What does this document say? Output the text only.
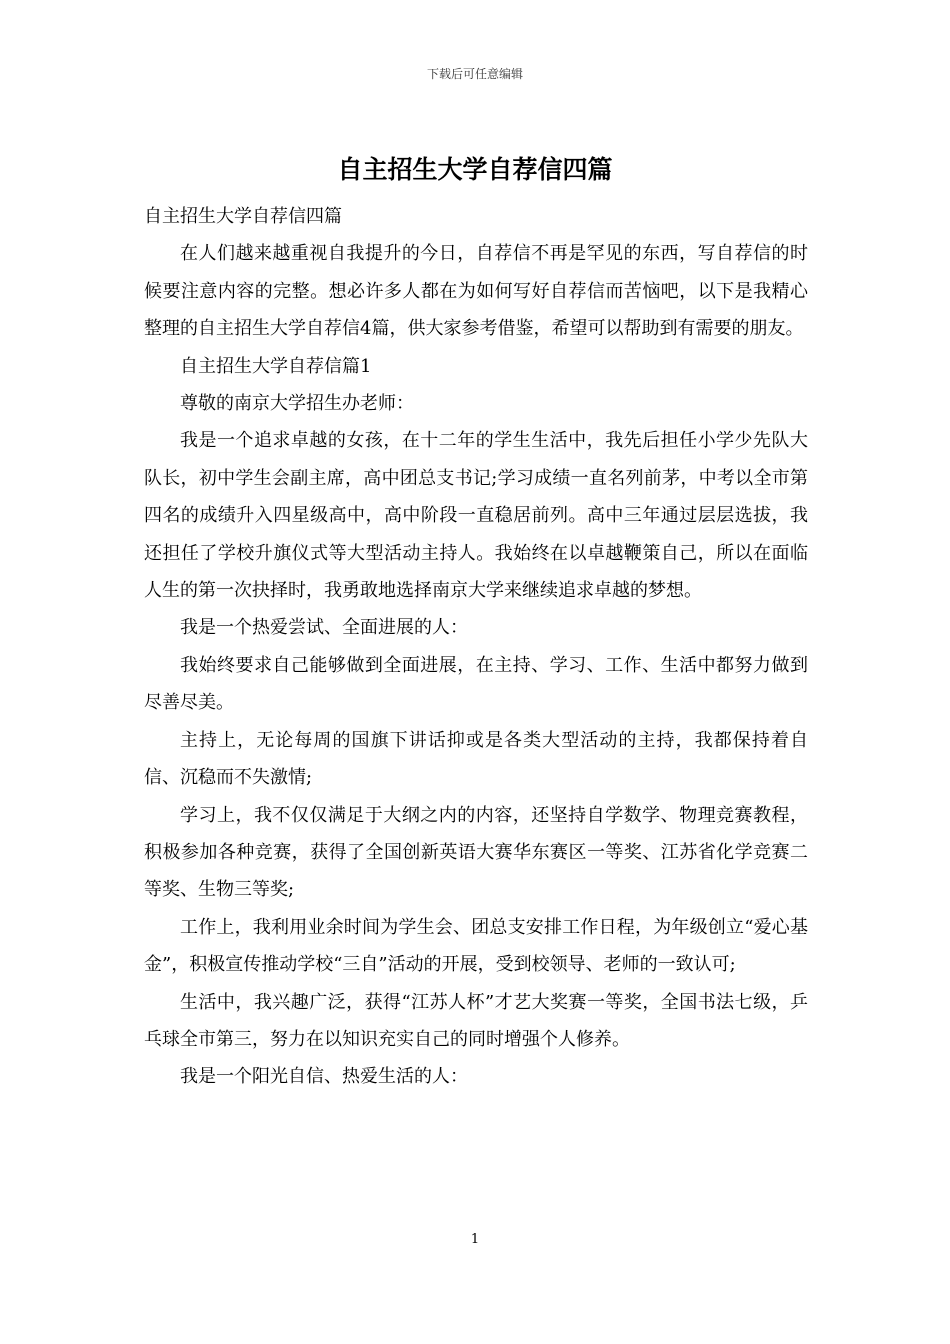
下载后可任意编辑
自主招生大学自荐信四篇

自主招生大学自荐信四篇

在人们越来越重视自我提升的今日，自荐信不再是罕见的东西，写自荐信的时候要注意内容的完整。想必许多人都在为如何写好自荐信而苦恼吧，以下是我精心整理的自主招生大学自荐信4篇，供大家参考借鉴，希望可以帮助到有需要的朋友。

自主招生大学自荐信篇1

尊敬的南京大学招生办老师：

我是一个追求卓越的女孩，在十二年的学生生活中，我先后担任小学少先队大队长，初中学生会副主席，高中团总支书记;学习成绩一直名列前茅，中考以全市第四名的成绩升入四星级高中，高中阶段一直稳居前列。高中三年通过层层选拔，我还担任了学校升旗仪式等大型活动主持人。我始终在以卓越鞭策自己，所以在面临人生的第一次抉择时，我勇敢地选择南京大学来继续追求卓越的梦想。

我是一个热爱尝试、全面进展的人：

我始终要求自己能够做到全面进展，在主持、学习、工作、生活中都努力做到尽善尽美。

主持上，无论每周的国旗下讲话抑或是各类大型活动的主持，我都保持着自信、沉稳而不失激情;

学习上，我不仅仅满足于大纲之内的内容，还坚持自学数学、物理竞赛教程，积极参加各种竞赛，获得了全国创新英语大赛华东赛区一等奖、江苏省化学竞赛二等奖、生物三等奖;

工作上，我利用业余时间为学生会、团总支安排工作日程，为年级创立“爱心基金”，积极宣传推动学校“三自”活动的开展，受到校领导、老师的一致认可;

生活中，我兴趣广泛，获得“江苏人杯”才艺大奖赛一等奖，全国书法七级，乒乓球全市第三，努力在以知识充实自己的同时增强个人修养。

我是一个阳光自信、热爱生活的人：

1
